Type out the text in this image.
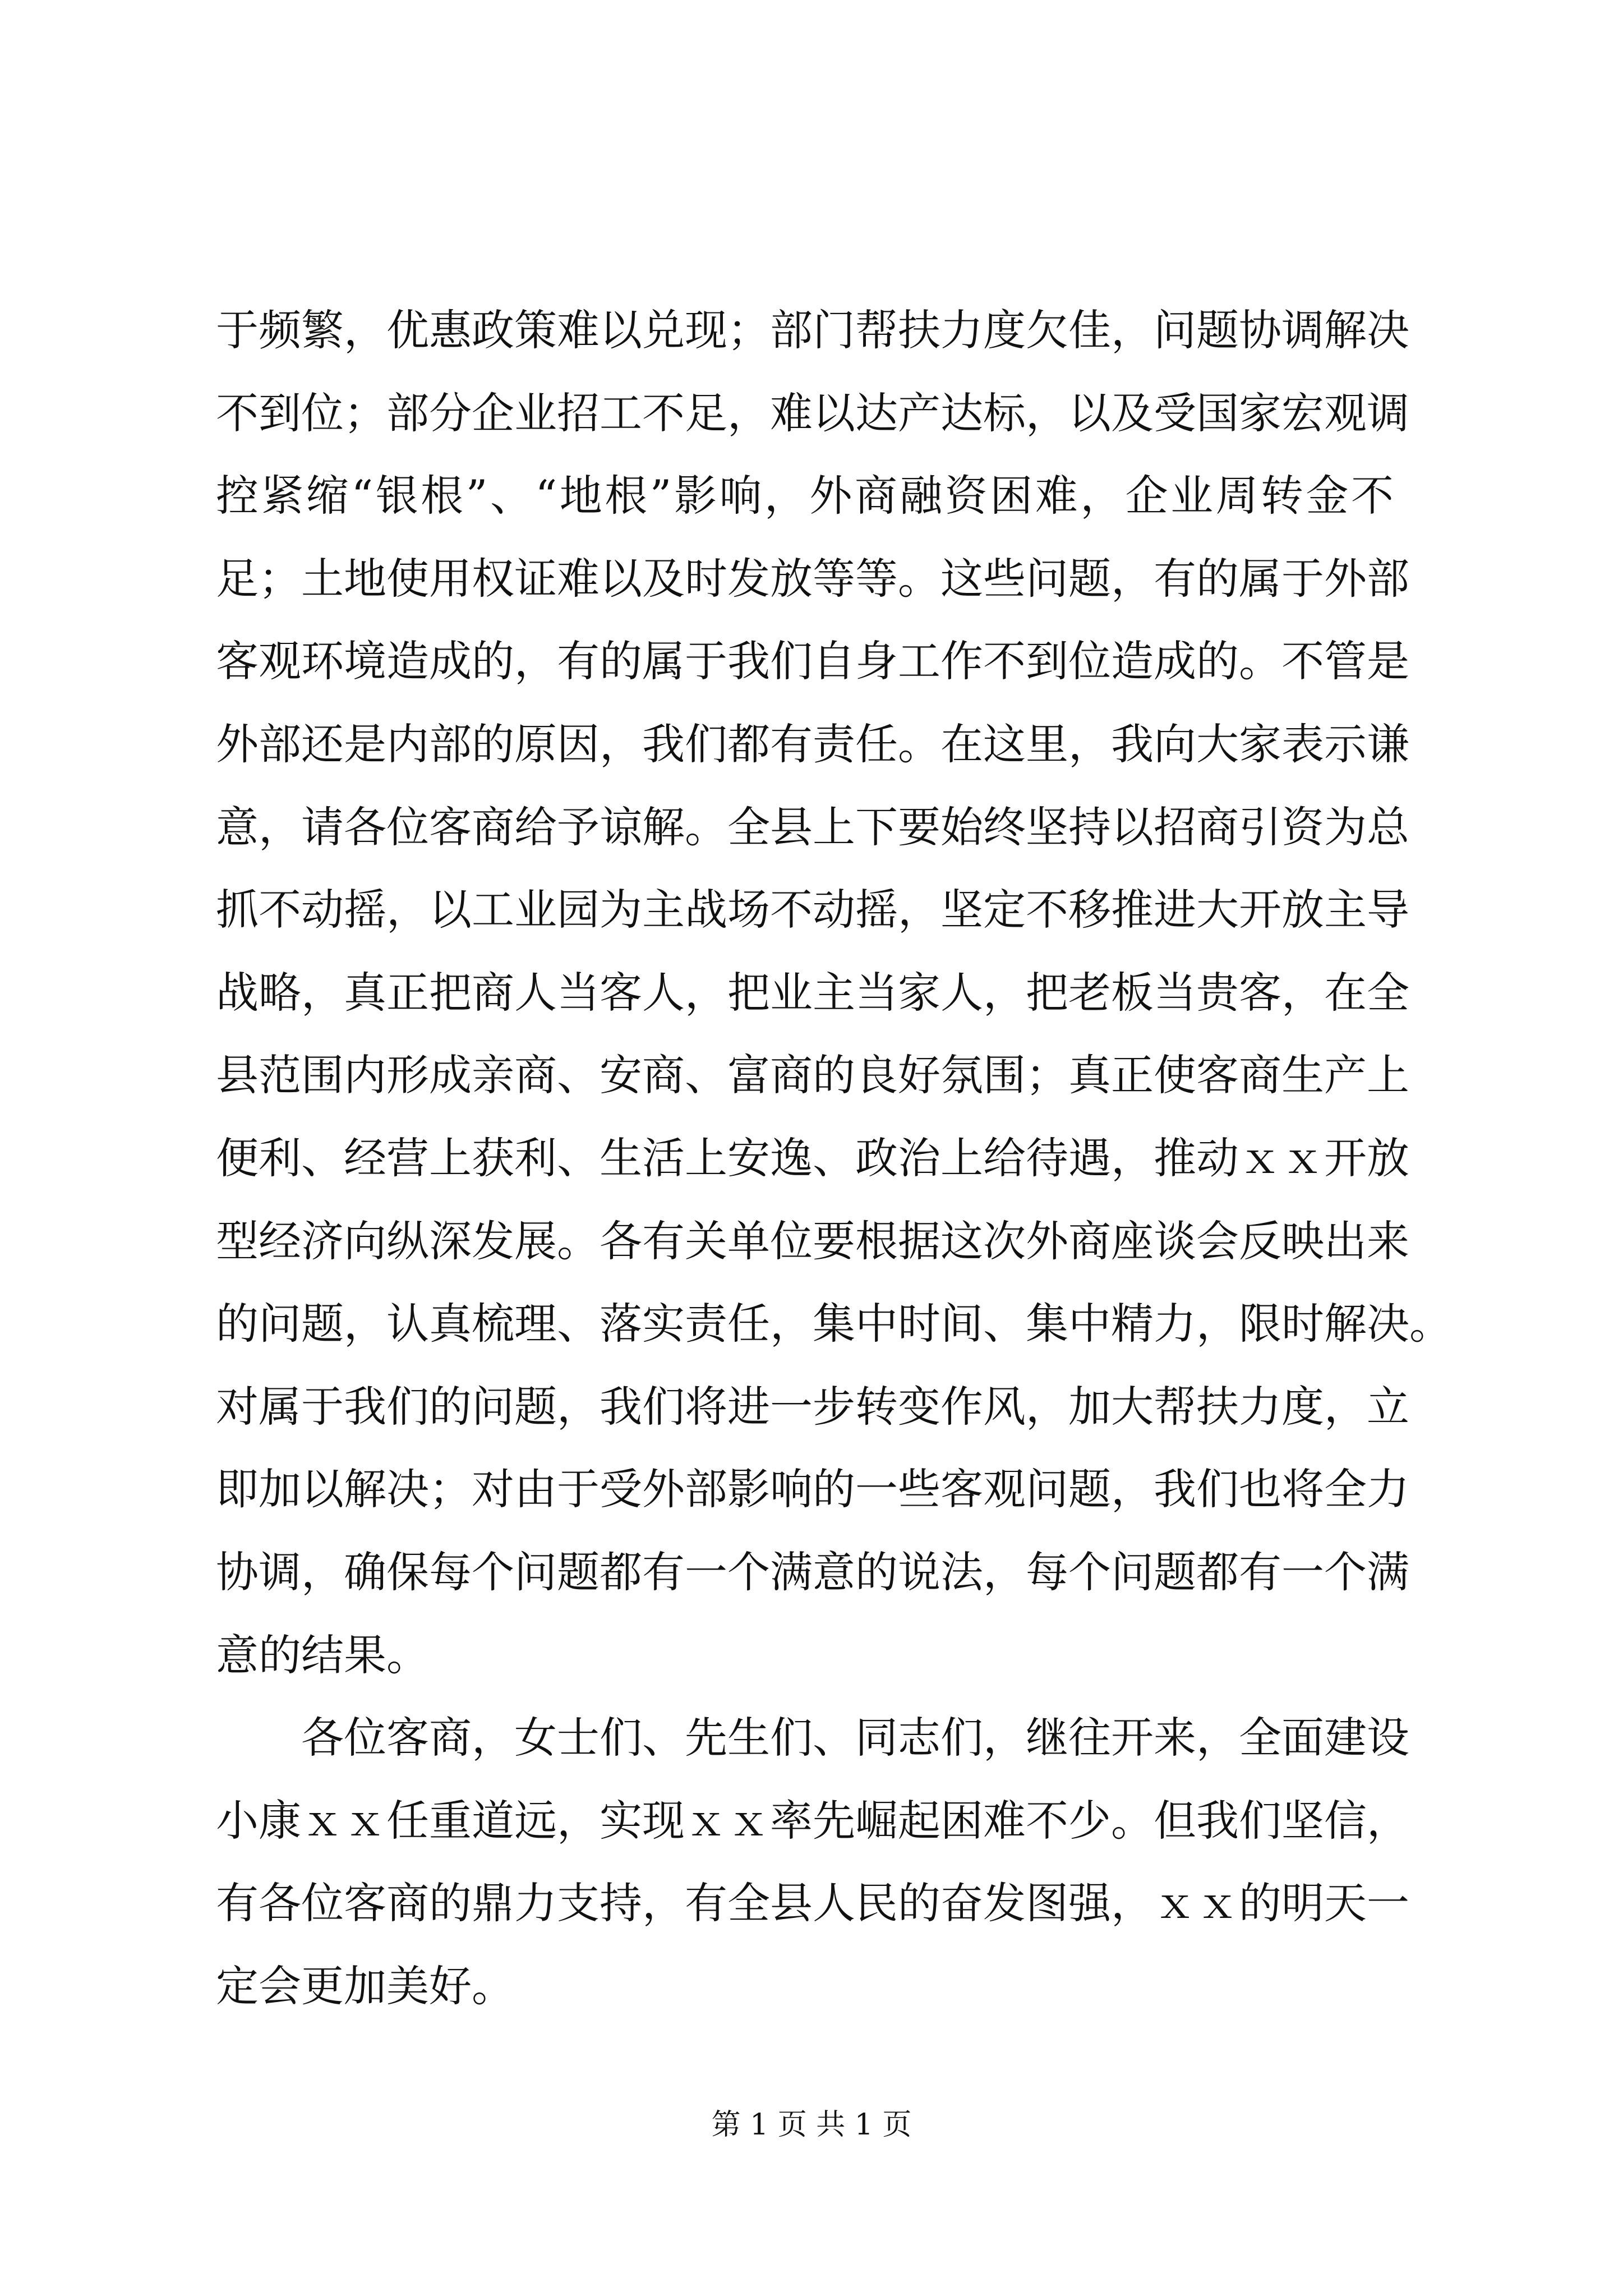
于频繁，优惠政策难以兑现；部门帮扶力度欠佳，问题协调解决
不到位；部分企业招工不足，难以达产达标，以及受国家宏观调
控紧缩“银根”、“地根”影响，外商融资困难，企业周转金不
足；土地使用权证难以及时发放等等。这些问题，有的属于外部
客观环境造成的，有的属于我们自身工作不到位造成的。不管是
外部还是内部的原因，我们都有责任。在这里，我向大家表示谦
意，请各位客商给予谅解。全县上下要始终坚持以招商引资为总
抓不动摇，以工业园为主战场不动摇，坚定不移推进大开放主导
战略，真正把商人当客人，把业主当家人，把老板当贵客，在全
县范围内形成亲商、安商、富商的良好氛围；真正使客商生产上
便利、经营上获利、生活上安逸、政治上给待遇，推动ｘｘ开放
型经济向纵深发展。各有关单位要根据这次外商座谈会反映出来
的问题，认真梳理、落实责任，集中时间、集中精力，限时解决。
对属于我们的问题，我们将进一步转变作风，加大帮扶力度，立
即加以解决；对由于受外部影响的一些客观问题，我们也将全力
协调，确保每个问题都有一个满意的说法，每个问题都有一个满
意的结果。
各位客商，女士们、先生们、同志们，继往开来，全面建设
小康ｘｘ任重道远，实现ｘｘ率先崛起困难不少。但我们坚信，
有各位客商的鼎力支持，有全县人民的奋发图强，ｘｘ的明天一
定会更加美好。
第 1 页 共 1 页
